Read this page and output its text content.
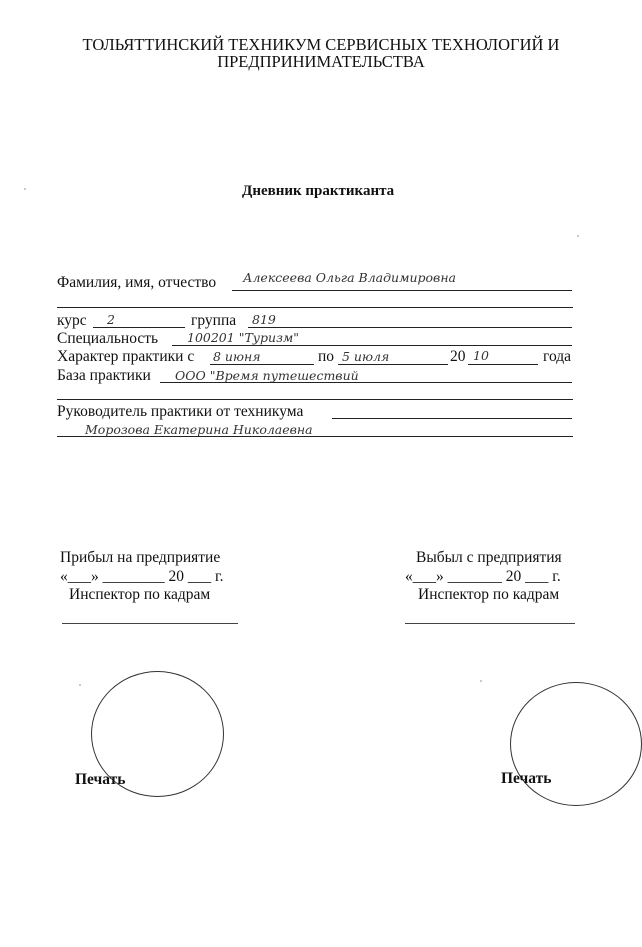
ТОЛЬЯТТИНСКИЙ ТЕХНИКУМ СЕРВИСНЫХ ТЕХНОЛОГИЙ И
ПРЕДПРИНИМАТЕЛЬСТВА
Дневник практиканта
Фамилия, имя, отчество Алексеева Ольга Владимировна
курс 2	группа 819
Специальность 100201 "Туризм"
Характер практики с 8 июня	по 5 июля	20 10	года
База практики ООО "Время путешествий
Руководитель практики от техникума
Морозова Екатерина Николаевна
Прибыл на предприятие
«___» ________ 20 ___ г.
Инспектор по кадрам
Выбыл с предприятия
«___» _______ 20 ___ г.
Инспектор по кадрам
Печать	Печать
